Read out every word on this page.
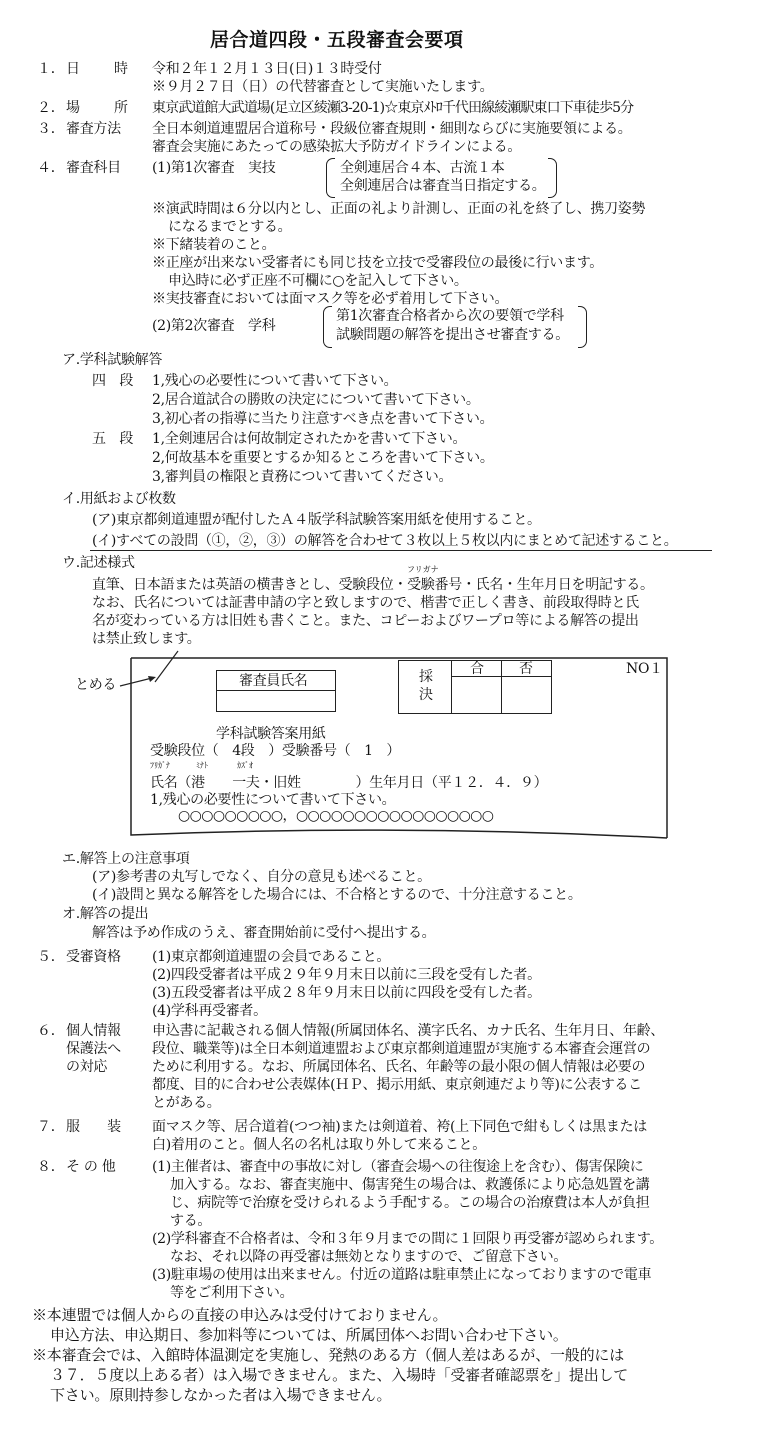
居合道四段・五段審査会要項
１． 日　　時 令和２年１２月１３日(日)１３時受付
※９月２７日（日）の代替審査として実施いたします。
２． 場　　所 東京武道館大武道場(足立区綾瀬3-20-1)☆東京ﾒﾄﾛ千代田線綾瀬駅東口下車徒歩5分
３． 審査方法 全日本剣道連盟居合道称号・段級位審査規則・細則ならびに実施要領による。
審査会実施にあたっての感染拡大予防ガイドラインによる。
４． 審査科目 (1)第1次審査　実技	全剣連居合４本、古流１本
全剣連居合は審査当日指定する。
※演武時間は６分以内とし、正面の礼より計測し、正面の礼を終了し、携刀姿勢
になるまでとする。
※下緒装着のこと。
※正座が出来ない受審者にも同じ技を立技で受審段位の最後に行います。
申込時に必ず正座不可欄に○を記入して下さい。
※実技審査においては面マスク等を必ず着用して下さい。
(2)第2次審査　学科
第1次審査合格者から次の要領で学科
試験問題の解答を提出させ審査する。
ア.学科試験解答
四　段 1,残心の必要性について書いて下さい。
2,居合道試合の勝敗の決定にについて書いて下さい。
3,初心者の指導に当たり注意すべき点を書いて下さい。
五　段 1,全剣連居合は何故制定されたかを書いて下さい。
2,何故基本を重要とするか知るところを書いて下さい。
3,審判員の権限と責務について書いてください。
イ.用紙および枚数
(ア)東京都剣道連盟が配付したＡ４版学科試験答案用紙を使用すること。
(イ)すべての設問（①，②，③）の解答を合わせて３枚以上５枚以内にまとめて記述すること。
ウ.記述様式	フリガナ
直筆、日本語または英語の横書きとし、受験段位・受験番号・氏名・生年月日を明記する。
なお、氏名については証書申請の字と致しますので、楷書で正しく書き、前段取得時と氏
名が変わっている方は旧姓も書くこと。また、コピーおよびワープロ等による解答の提出
は禁止致します。
とめる	審査員氏名	採
決
合	否	NO１
学科試験答案用紙
受験段位（　4段　）受験番号（　1　）
ﾌﾘｶﾞﾅ	ﾐﾅﾄ	ｶｽﾞｵ
氏名（港　　一夫・旧姓　　　　）生年月日（平１２．４．９）
1,残心の必要性について書いて下さい。
○○○○○○○○○，○○○○○○○○○○○○○○○○○
エ.解答上の注意事項
(ア)参考書の丸写しでなく、自分の意見も述べること。
(イ)設問と異なる解答をした場合には、不合格とするので、十分注意すること。
オ.解答の提出
解答は予め作成のうえ、審査開始前に受付へ提出する。
５． 受審資格 (1)東京都剣道連盟の会員であること。
(2)四段受審者は平成２９年９月末日以前に三段を受有した者。
(3)五段受審者は平成２８年９月末日以前に四段を受有した者。
(4)学科再受審者。
６． 個人情報
保護法へ
の対応
申込書に記載される個人情報(所属団体名、漢字氏名、カナ氏名、生年月日、年齢、
段位、職業等)は全日本剣道連盟および東京都剣道連盟が実施する本審査会運営の
ために利用する。なお、所属団体名、氏名、年齢等の最小限の個人情報は必要の
都度、目的に合わせ公表媒体(ＨＰ、掲示用紙、東京剣連だより等)に公表するこ
とがある。
７． 服　　装 面マスク等、居合道着(つつ袖)または剣道着、袴(上下同色で紺もしくは黒または
白)着用のこと。個人名の名札は取り外して来ること。
８． そ の 他	(1)主催者は、審査中の事故に対し（審査会場への往復途上を含む）、傷害保険に
加入する。なお、審査実施中、傷害発生の場合は、救護係により応急処置を講
じ、病院等で治療を受けられるよう手配する。この場合の治療費は本人が負担
する。
(2)学科審査不合格者は、令和３年９月までの間に１回限り再受審が認められます。
なお、それ以降の再受審は無効となりますので、ご留意下さい。
(3)駐車場の使用は出来ません。付近の道路は駐車禁止になっておりますので電車
等をご利用下さい。
※本連盟では個人からの直接の申込みは受付けておりません。
申込方法、申込期日、参加料等については、所属団体へお問い合わせ下さい。
※本審査会では、入館時体温測定を実施し、発熱のある方（個人差はあるが、一般的には
３７．５度以上ある者）は入場できません。また、入場時「受審者確認票を」提出して
下さい。原則持参しなかった者は入場できません。
